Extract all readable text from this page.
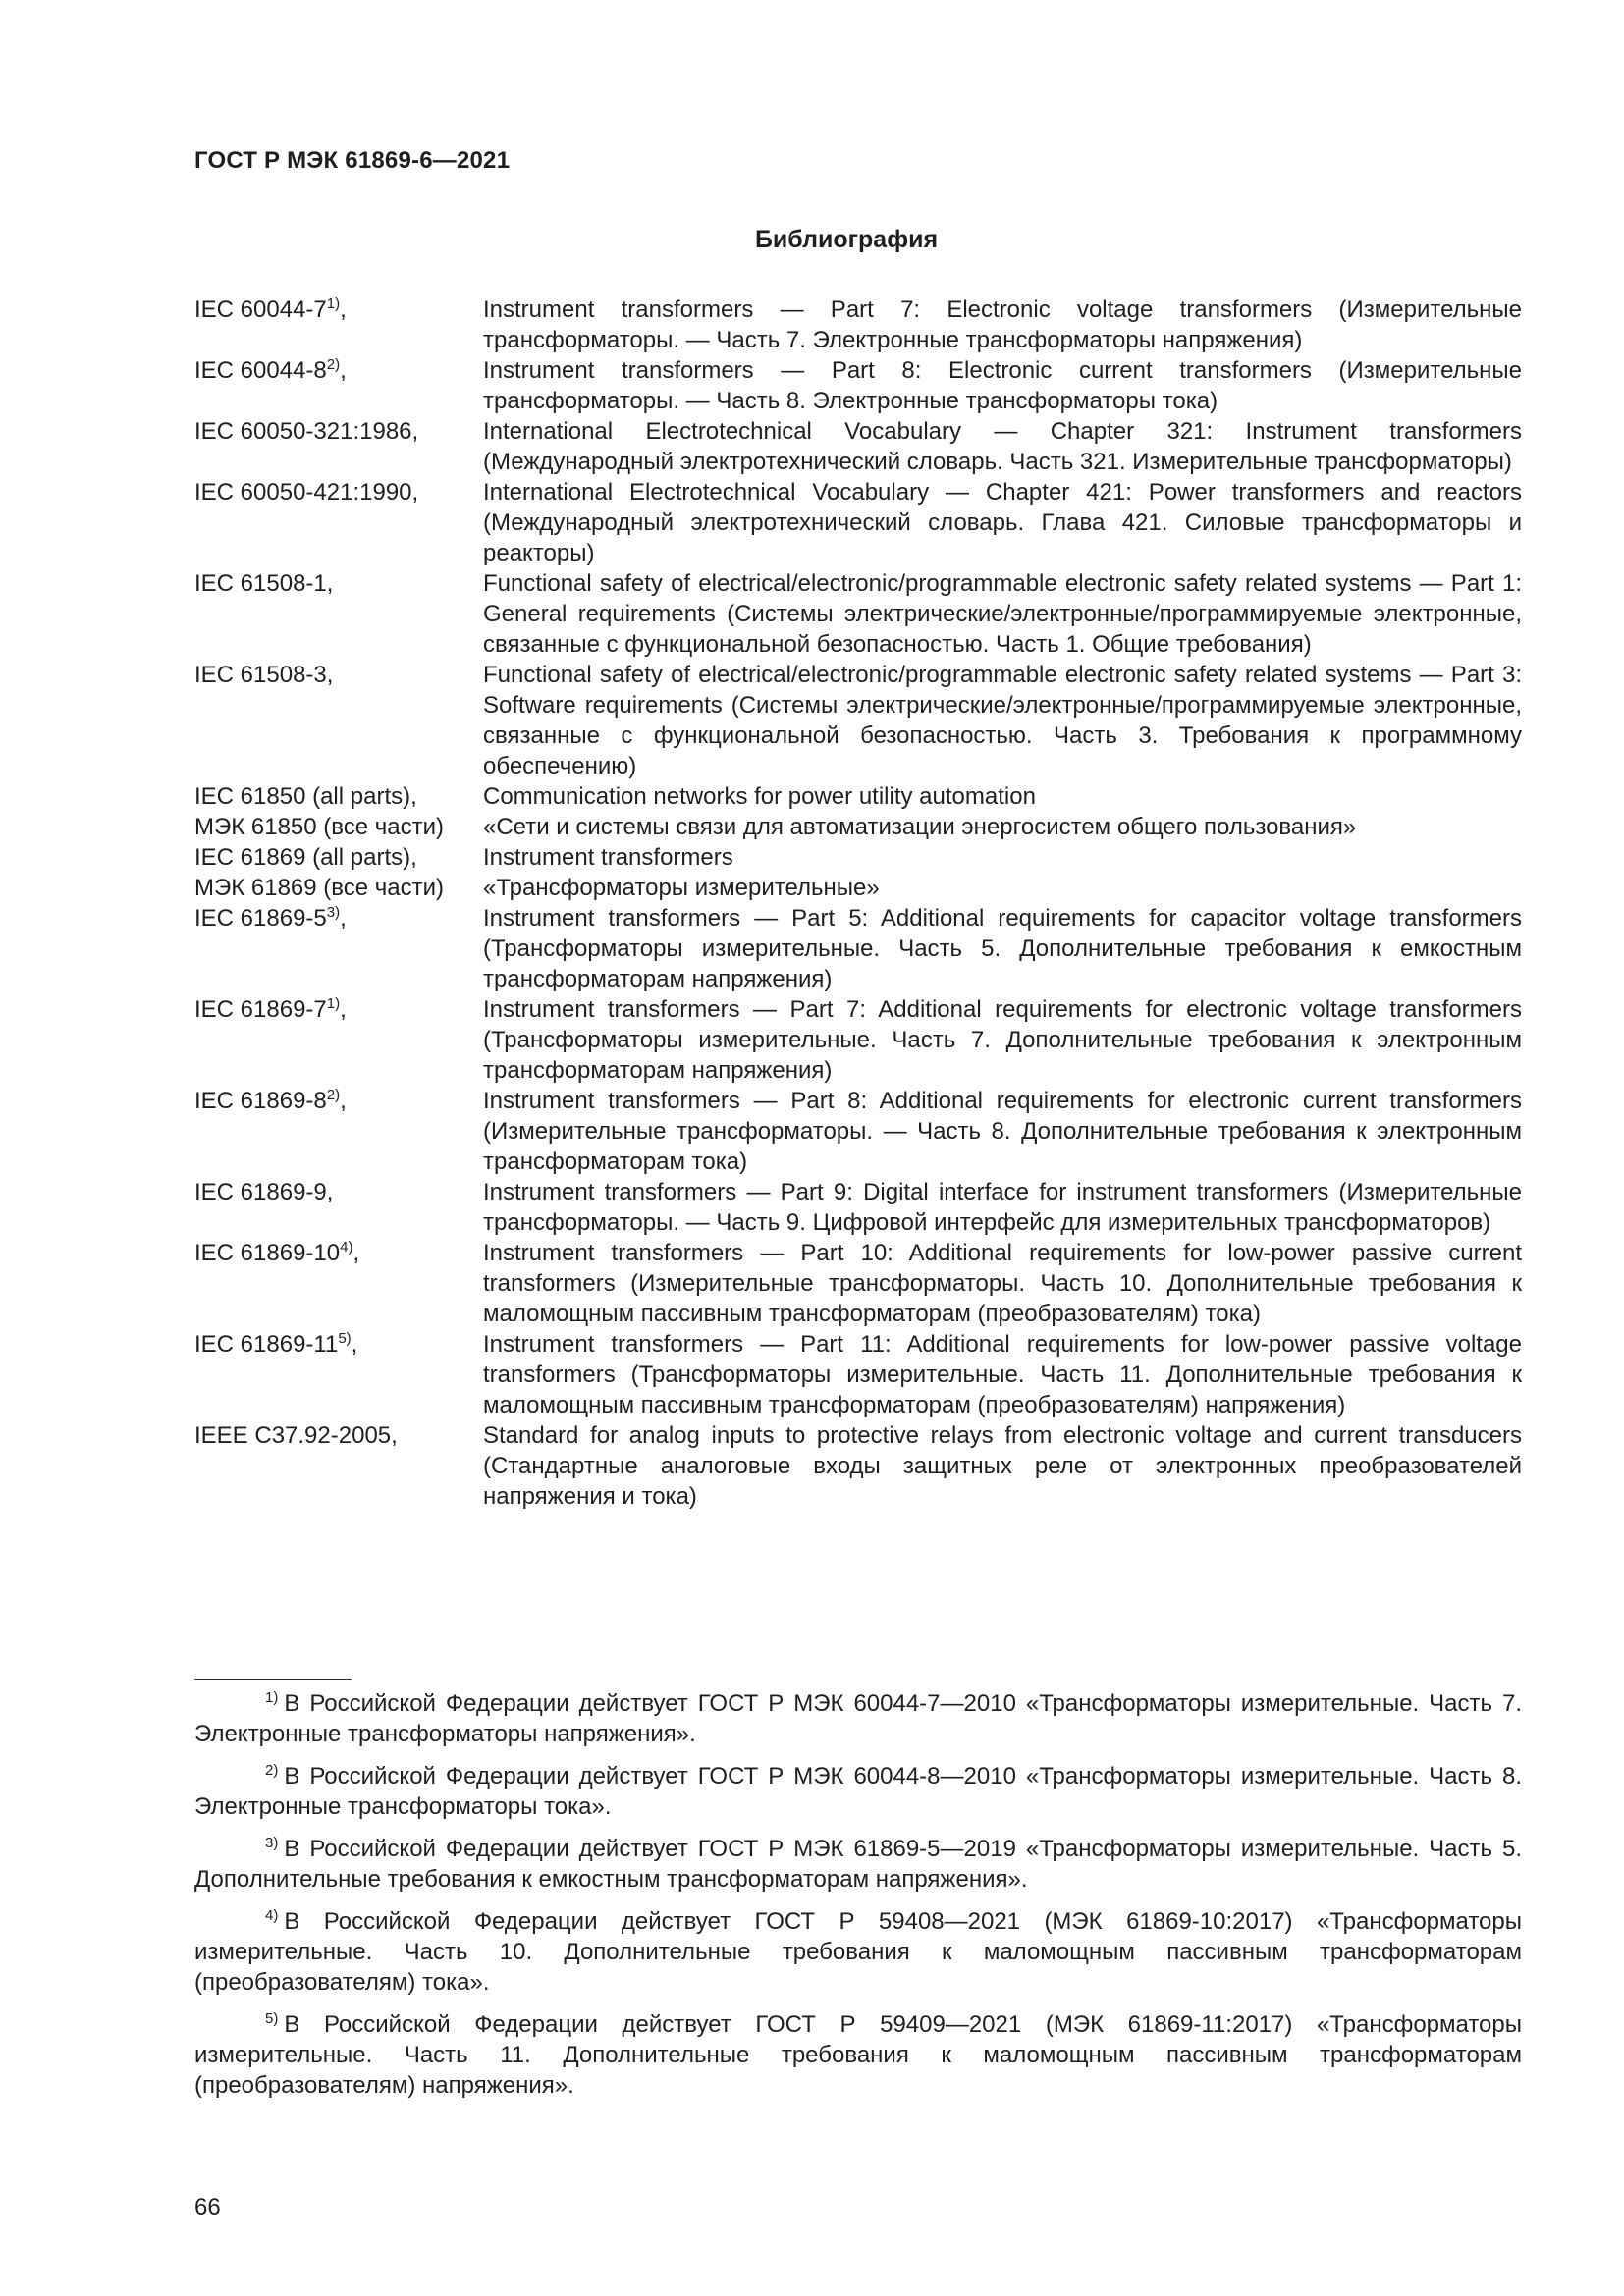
ГОСТ Р МЭК 61869-6—2021
Библиография
IEC 60044-7$^{1)}$,	Instrument transformers — Part 7: Electronic voltage transformers (Измерительные трансформаторы. — Часть 7. Электронные трансформаторы напряжения)
IEC 60044-8$^{2)}$,	Instrument transformers — Part 8: Electronic current transformers (Измерительные трансформаторы. — Часть 8. Электронные трансформаторы тока)
IEC 60050-321:1986,	International Electrotechnical Vocabulary — Chapter 321: Instrument transformers (Международный электротехнический словарь. Часть 321. Измерительные трансформаторы)
IEC 60050-421:1990,	International Electrotechnical Vocabulary — Chapter 421: Power transformers and reactors (Международный электротехнический словарь. Глава 421. Силовые трансформаторы и реакторы)
IEC 61508-1,	Functional safety of electrical/electronic/programmable electronic safety related systems — Part 1: General requirements (Системы электрические/электронные/программируемые электронные, связанные с функциональной безопасностью. Часть 1. Общие требования)
IEC 61508-3,	Functional safety of electrical/electronic/programmable electronic safety related systems — Part 3: Software requirements (Системы электрические/электронные/программируемые электронные, связанные с функциональной безопасностью. Часть 3. Требования к программному обеспечению)
IEC 61850 (all parts),	Communication networks for power utility automation
МЭК 61850 (все части)	«Сети и системы связи для автоматизации энергосистем общего пользования»
IEC 61869 (all parts),	Instrument transformers
МЭК 61869 (все части)	«Трансформаторы измерительные»
IEC 61869-5$^{3)}$,	Instrument transformers — Part 5: Additional requirements for capacitor voltage transformers (Трансформаторы измерительные. Часть 5. Дополнительные требования к емкостным трансформаторам напряжения)
IEC 61869-7$^{1)}$,	Instrument transformers — Part 7: Additional requirements for electronic voltage transformers (Трансформаторы измерительные. Часть 7. Дополнительные требования к электронным трансформаторам напряжения)
IEC 61869-8$^{2)}$,	Instrument transformers — Part 8: Additional requirements for electronic current transformers (Измерительные трансформаторы. — Часть 8. Дополнительные требования к электронным трансформаторам тока)
IEC 61869-9,	Instrument transformers — Part 9: Digital interface for instrument transformers (Измерительные трансформаторы. — Часть 9. Цифровой интерфейс для измерительных трансформаторов)
IEC 61869-10$^{4)}$,	Instrument transformers — Part 10: Additional requirements for low-power passive current transformers (Измерительные трансформаторы. Часть 10. Дополнительные требования к маломощным пассивным трансформаторам (преобразователям) тока)
IEC 61869-11$^{5)}$,	Instrument transformers — Part 11: Additional requirements for low-power passive voltage transformers (Трансформаторы измерительные. Часть 11. Дополнительные требования к маломощным пассивным трансформаторам (преобразователям) напряжения)
IEEE C37.92-2005,	Standard for analog inputs to protective relays from electronic voltage and current transducers (Стандартные аналоговые входы защитных реле от электронных преобразователей напряжения и тока)

$^{1)}$ В Российской Федерации действует ГОСТ Р МЭК 60044-7—2010 «Трансформаторы измерительные. Часть 7. Электронные трансформаторы напряжения».

$^{2)}$ В Российской Федерации действует ГОСТ Р МЭК 60044-8—2010 «Трансформаторы измерительные. Часть 8. Электронные трансформаторы тока».

$^{3)}$ В Российской Федерации действует ГОСТ Р МЭК 61869-5—2019 «Трансформаторы измерительные. Часть 5. Дополнительные требования к емкостным трансформаторам напряжения».

$^{4)}$ В Российской Федерации действует ГОСТ Р 59408—2021 (МЭК 61869-10:2017) «Трансформаторы измерительные. Часть 10. Дополнительные требования к маломощным пассивным трансформаторам (преобразователям) тока».

$^{5)}$ В Российской Федерации действует ГОСТ Р 59409—2021 (МЭК 61869-11:2017) «Трансформаторы измерительные. Часть 11. Дополнительные требования к маломощным пассивным трансформаторам (преобразователям) напряжения».

66
